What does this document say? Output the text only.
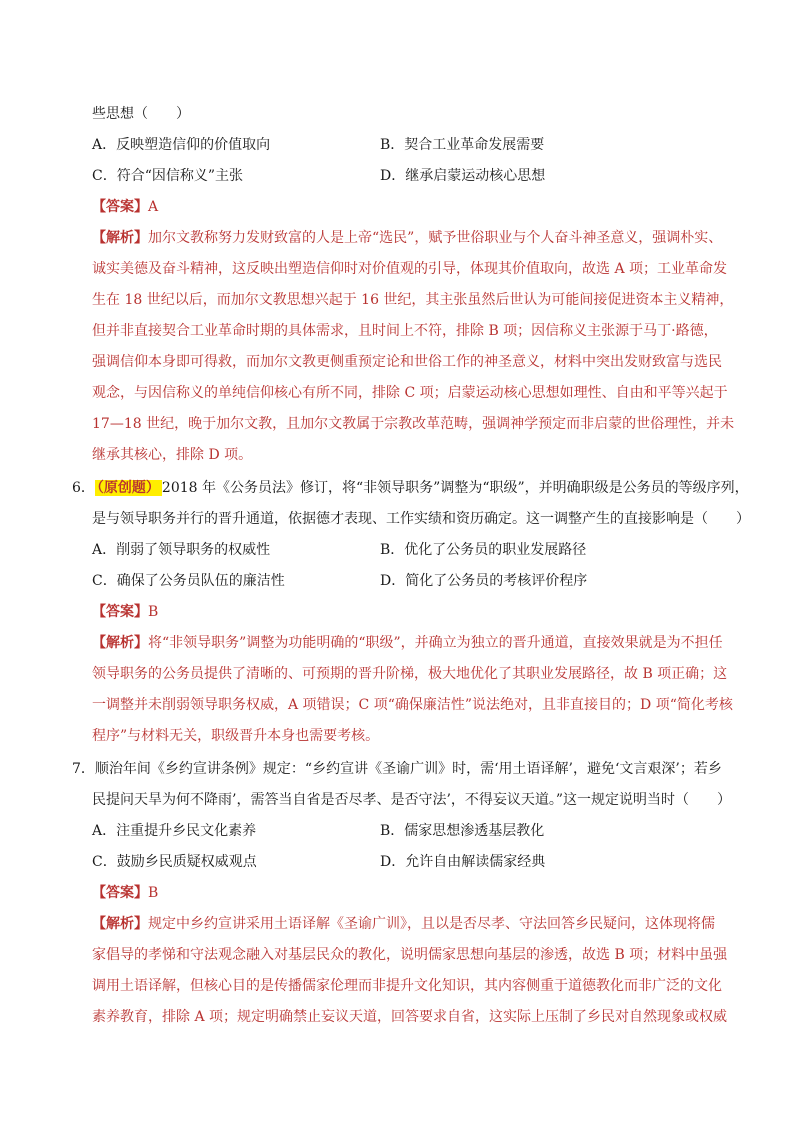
些思想（　　）
A．反映塑造信仰的价值取向	B．契合工业革命发展需要
C．符合“因信称义”主张	D．继承启蒙运动核心思想
【答案】A
【解析】加尔文教称努力发财致富的人是上帝“选民”，赋予世俗职业与个人奋斗神圣意义，强调朴实、
诚实美德及奋斗精神，这反映出塑造信仰时对价值观的引导，体现其价值取向，故选 A 项；工业革命发
生在 18 世纪以后，而加尔文教思想兴起于 16 世纪，其主张虽然后世认为可能间接促进资本主义精神，
但并非直接契合工业革命时期的具体需求，且时间上不符，排除 B 项；因信称义主张源于马丁·路德，
强调信仰本身即可得救，而加尔文教更侧重预定论和世俗工作的神圣意义，材料中突出发财致富与选民
观念，与因信称义的单纯信仰核心有所不同，排除 C 项；启蒙运动核心思想如理性、自由和平等兴起于
17—18 世纪，晚于加尔文教，且加尔文教属于宗教改革范畴，强调神学预定而非启蒙的世俗理性，并未
继承其核心，排除 D 项。
6． （原创题） 2018 年《公务员法》修订，将“非领导职务”调整为“职级”，并明确职级是公务员的等级序列，
是与领导职务并行的晋升通道，依据德才表现、工作实绩和资历确定。这一调整产生的直接影响是（　　）
A．削弱了领导职务的权威性	B．优化了公务员的职业发展路径
C．确保了公务员队伍的廉洁性	D．简化了公务员的考核评价程序
【答案】B
【解析】将“非领导职务”调整为功能明确的“职级”，并确立为独立的晋升通道，直接效果就是为不担任
领导职务的公务员提供了清晰的、可预期的晋升阶梯，极大地优化了其职业发展路径，故 B 项正确；这
一调整并未削弱领导职务权威，A 项错误；C 项“确保廉洁性”说法绝对，且非直接目的；D 项“简化考核
程序”与材料无关，职级晋升本身也需要考核。
7．顺治年间《乡约宣讲条例》规定：“乡约宣讲《圣谕广训》时，需‘用土语译解’，避免‘文言艰深’；若乡
民提问天旱为何不降雨’，需答当自省是否尽孝、是否守法’，不得妄议天道。”这一规定说明当时（　　）
A．注重提升乡民文化素养	B．儒家思想渗透基层教化
C．鼓励乡民质疑权威观点	D．允许自由解读儒家经典
【答案】B
【解析】规定中乡约宣讲采用土语译解《圣谕广训》，且以是否尽孝、守法回答乡民疑问，这体现将儒
家倡导的孝悌和守法观念融入对基层民众的教化，说明儒家思想向基层的渗透，故选 B 项；材料中虽强
调用土语译解，但核心目的是传播儒家伦理而非提升文化知识，其内容侧重于道德教化而非广泛的文化
素养教育，排除 A 项；规定明确禁止妄议天道，回答要求自省，这实际上压制了乡民对自然现象或权威
